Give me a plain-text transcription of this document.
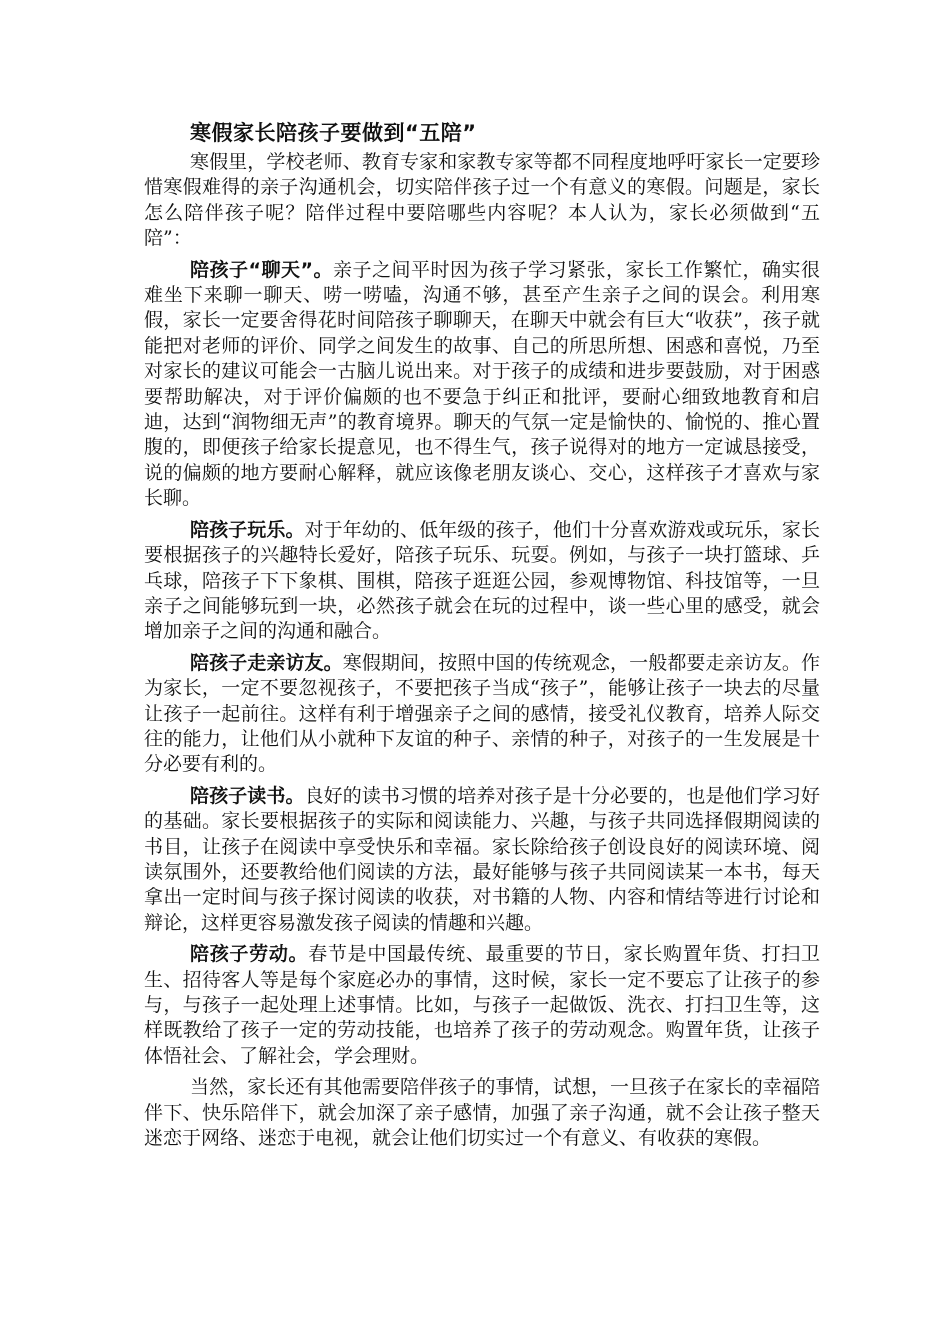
寒假家长陪孩子要做到“五陪”

寒假里，学校老师、教育专家和家教专家等都不同程度地呼吁家长一定要珍惜寒假难得的亲子沟通机会，切实陪伴孩子过一个有意义的寒假。问题是，家长怎么陪伴孩子呢？陪伴过程中要陪哪些内容呢？本人认为，家长必须做到“五陪”：

陪孩子“聊天”。亲子之间平时因为孩子学习紧张，家长工作繁忙，确实很难坐下来聊一聊天、唠一唠嗑，沟通不够，甚至产生亲子之间的误会。利用寒假，家长一定要舍得花时间陪孩子聊聊天，在聊天中就会有巨大“收获”，孩子就能把对老师的评价、同学之间发生的故事、自己的所思所想、困惑和喜悦，乃至对家长的建议可能会一古脑儿说出来。对于孩子的成绩和进步要鼓励，对于困惑要帮助解决，对于评价偏颇的也不要急于纠正和批评，要耐心细致地教育和启迪，达到“润物细无声”的教育境界。聊天的气氛一定是愉快的、愉悦的、推心置腹的，即便孩子给家长提意见，也不得生气，孩子说得对的地方一定诚恳接受，说的偏颇的地方要耐心解释，就应该像老朋友谈心、交心，这样孩子才喜欢与家长聊。

陪孩子玩乐。对于年幼的、低年级的孩子，他们十分喜欢游戏或玩乐，家长要根据孩子的兴趣特长爱好，陪孩子玩乐、玩耍。例如，与孩子一块打篮球、乒乓球，陪孩子下下象棋、围棋，陪孩子逛逛公园，参观博物馆、科技馆等，一旦亲子之间能够玩到一块，必然孩子就会在玩的过程中，谈一些心里的感受，就会增加亲子之间的沟通和融合。

陪孩子走亲访友。寒假期间，按照中国的传统观念，一般都要走亲访友。作为家长，一定不要忽视孩子，不要把孩子当成“孩子”，能够让孩子一块去的尽量让孩子一起前往。这样有利于增强亲子之间的感情，接受礼仪教育，培养人际交往的能力，让他们从小就种下友谊的种子、亲情的种子，对孩子的一生发展是十分必要有利的。

陪孩子读书。良好的读书习惯的培养对孩子是十分必要的，也是他们学习好的基础。家长要根据孩子的实际和阅读能力、兴趣，与孩子共同选择假期阅读的书目，让孩子在阅读中享受快乐和幸福。家长除给孩子创设良好的阅读环境、阅读氛围外，还要教给他们阅读的方法，最好能够与孩子共同阅读某一本书，每天拿出一定时间与孩子探讨阅读的收获，对书籍的人物、内容和情结等进行讨论和辩论，这样更容易激发孩子阅读的情趣和兴趣。

陪孩子劳动。春节是中国最传统、最重要的节日，家长购置年货、打扫卫生、招待客人等是每个家庭必办的事情，这时候，家长一定不要忘了让孩子的参与，与孩子一起处理上述事情。比如，与孩子一起做饭、洗衣、打扫卫生等，这样既教给了孩子一定的劳动技能，也培养了孩子的劳动观念。购置年货，让孩子体悟社会、了解社会，学会理财。

当然，家长还有其他需要陪伴孩子的事情，试想，一旦孩子在家长的幸福陪伴下、快乐陪伴下，就会加深了亲子感情，加强了亲子沟通，就不会让孩子整天迷恋于网络、迷恋于电视，就会让他们切实过一个有意义、有收获的寒假。
